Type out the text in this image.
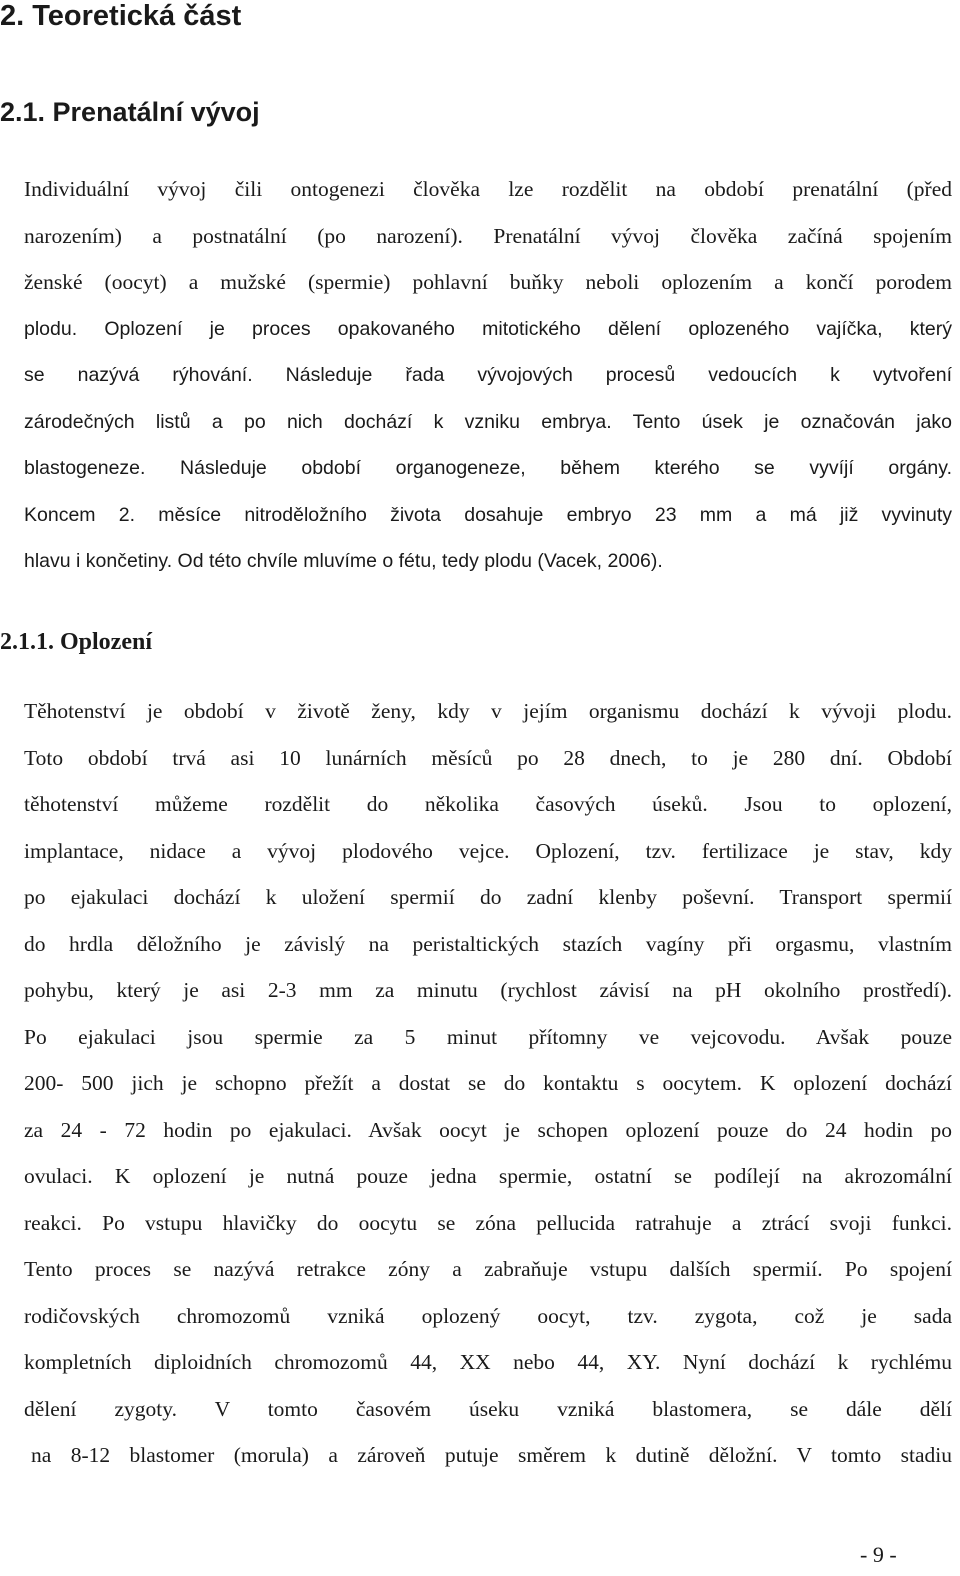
2. Teoretická část
2.1. Prenatální vývoj
Individuální vývoj čili ontogenezi člověka lze rozdělit na období prenatální (před
narozením) a postnatální (po narození). Prenatální vývoj člověka začíná spojením
ženské (oocyt) a mužské (spermie) pohlavní buňky neboli oplozením a končí porodem
plodu. Oplození je proces opakovaného mitotického dělení oplozeného vajíčka, který
se nazývá rýhování. Následuje řada vývojových procesů vedoucích k vytvoření
zárodečných listů a po nich dochází k vzniku embrya. Tento úsek je označován jako
blastogeneze. Následuje období organogeneze, během kterého se vyvíjí orgány.
Koncem 2. měsíce nitroděložního života dosahuje embryo 23 mm a má již vyvinuty
hlavu i končetiny. Od této chvíle mluvíme o fétu, tedy plodu (Vacek, 2006).
2.1.1. Oplození
Těhotenství je období v životě ženy, kdy v jejím organismu dochází k vývoji plodu.
Toto období trvá asi 10 lunárních měsíců po 28 dnech, to je 280 dní. Období
těhotenství můžeme rozdělit do několika časových úseků. Jsou to oplození,
implantace, nidace a vývoj plodového vejce. Oplození, tzv. fertilizace je stav, kdy
po ejakulaci dochází k uložení spermií do zadní klenby poševní. Transport spermií
do hrdla děložního je závislý na peristaltických stazích vagíny při orgasmu, vlastním
pohybu, který je asi 2-3 mm za minutu (rychlost závisí na pH okolního prostředí).
Po ejakulaci jsou spermie za 5 minut přítomny ve vejcovodu. Avšak pouze
200- 500 jich je schopno přežít a dostat se do kontaktu s oocytem. K oplození dochází
za 24 - 72 hodin po ejakulaci. Avšak oocyt je schopen oplození pouze do 24 hodin po
ovulaci. K oplození je nutná pouze jedna spermie, ostatní se podílejí na akrozomální
reakci. Po vstupu hlavičky do oocytu se zóna pellucida ratrahuje a ztrácí svoji funkci.
Tento proces se nazývá retrakce zóny a zabraňuje vstupu dalších spermií. Po spojení
rodičovských chromozomů vzniká oplozený oocyt, tzv. zygota, což je sada
kompletních diploidních chromozomů 44, XX nebo 44, XY. Nyní dochází k rychlému
dělení zygoty. V tomto časovém úseku vzniká blastomera, se dále dělí
na 8-12 blastomer (morula) a zároveň putuje směrem k dutině děložní. V tomto stadiu
- 9 -
